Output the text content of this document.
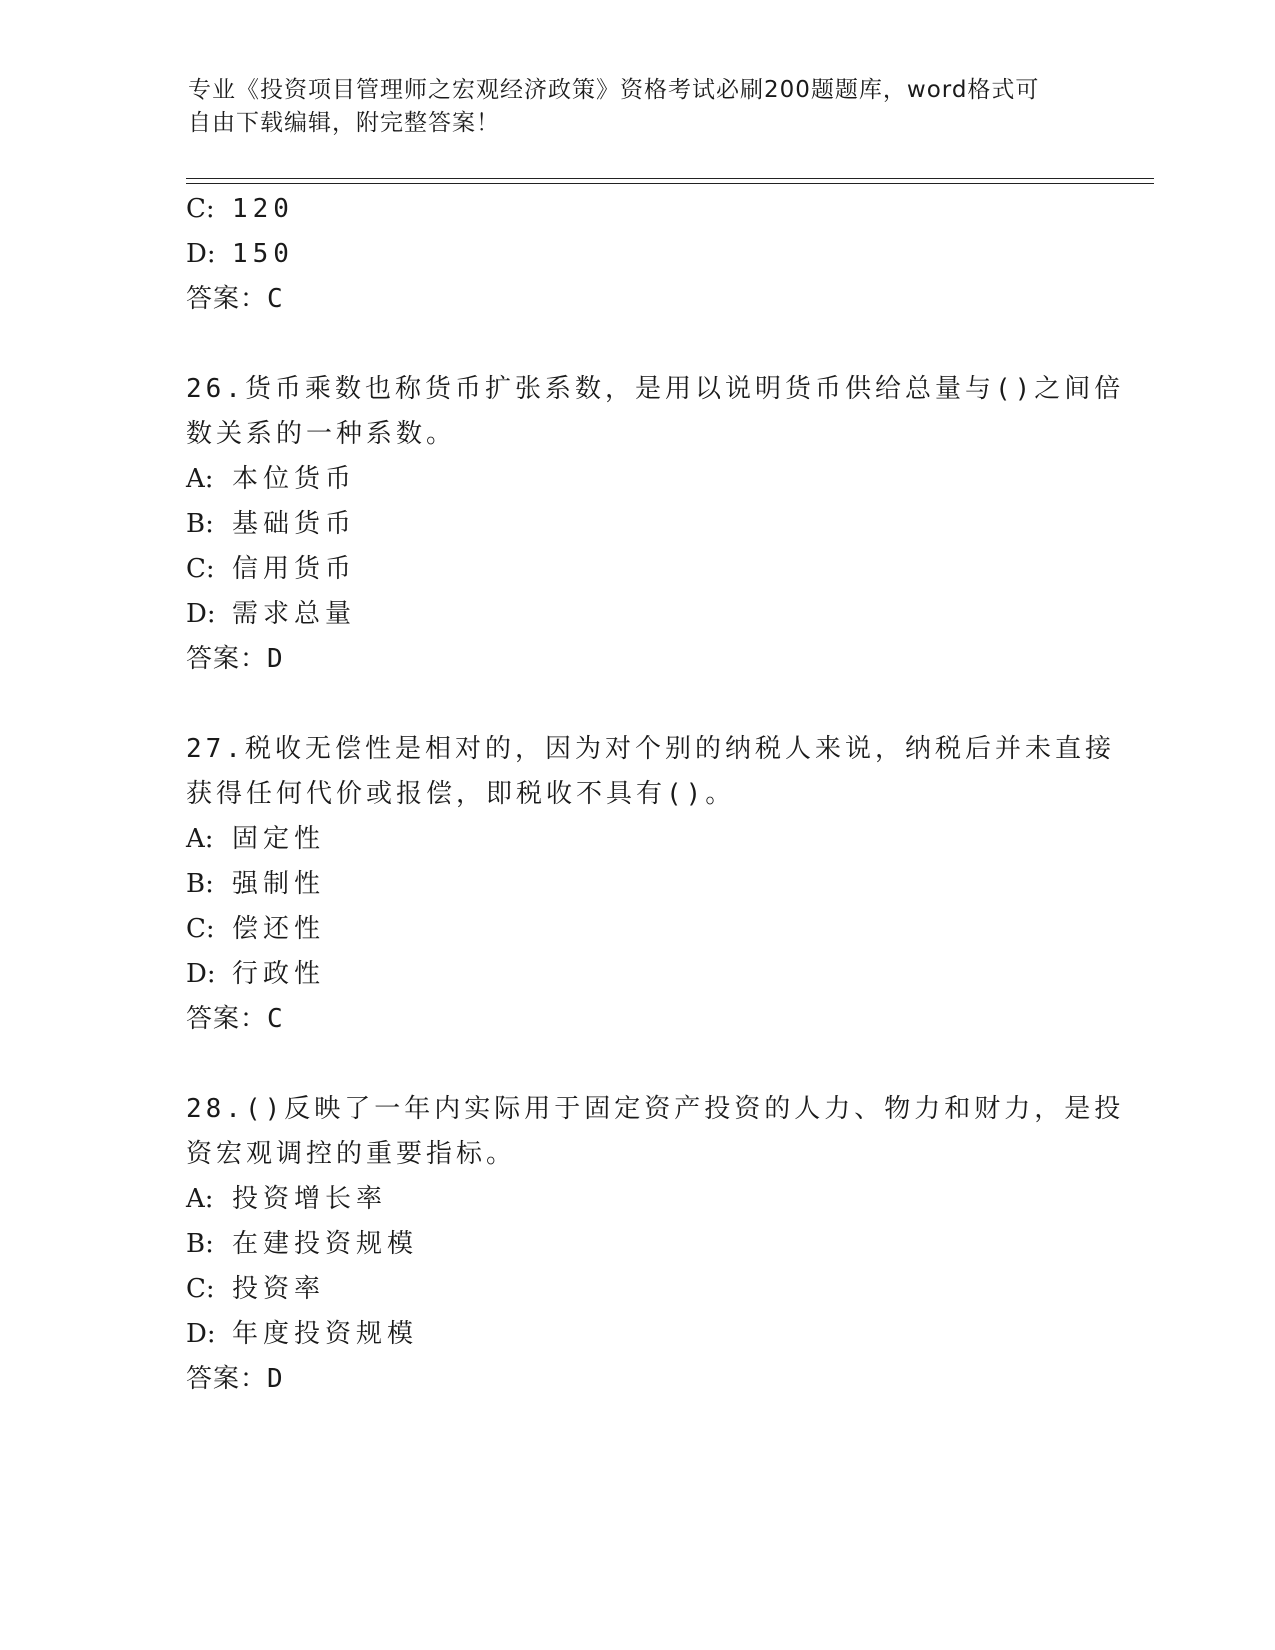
专业《投资项目管理师之宏观经济政策》资格考试必刷200题题库，word格式可
自由下载编辑，附完整答案！
C: 120
D: 150
答案：C
26.货币乘数也称货币扩张系数，是用以说明货币供给总量与()之间倍
数关系的一种系数。
A: 本位货币
B: 基础货币
C: 信用货币
D: 需求总量
答案：D
27.税收无偿性是相对的，因为对个别的纳税人来说，纳税后并未直接
获得任何代价或报偿，即税收不具有()。
A: 固定性
B: 强制性
C: 偿还性
D: 行政性
答案：C
28.()反映了一年内实际用于固定资产投资的人力、物力和财力，是投
资宏观调控的重要指标。
A: 投资增长率
B: 在建投资规模
C: 投资率
D: 年度投资规模
答案：D
